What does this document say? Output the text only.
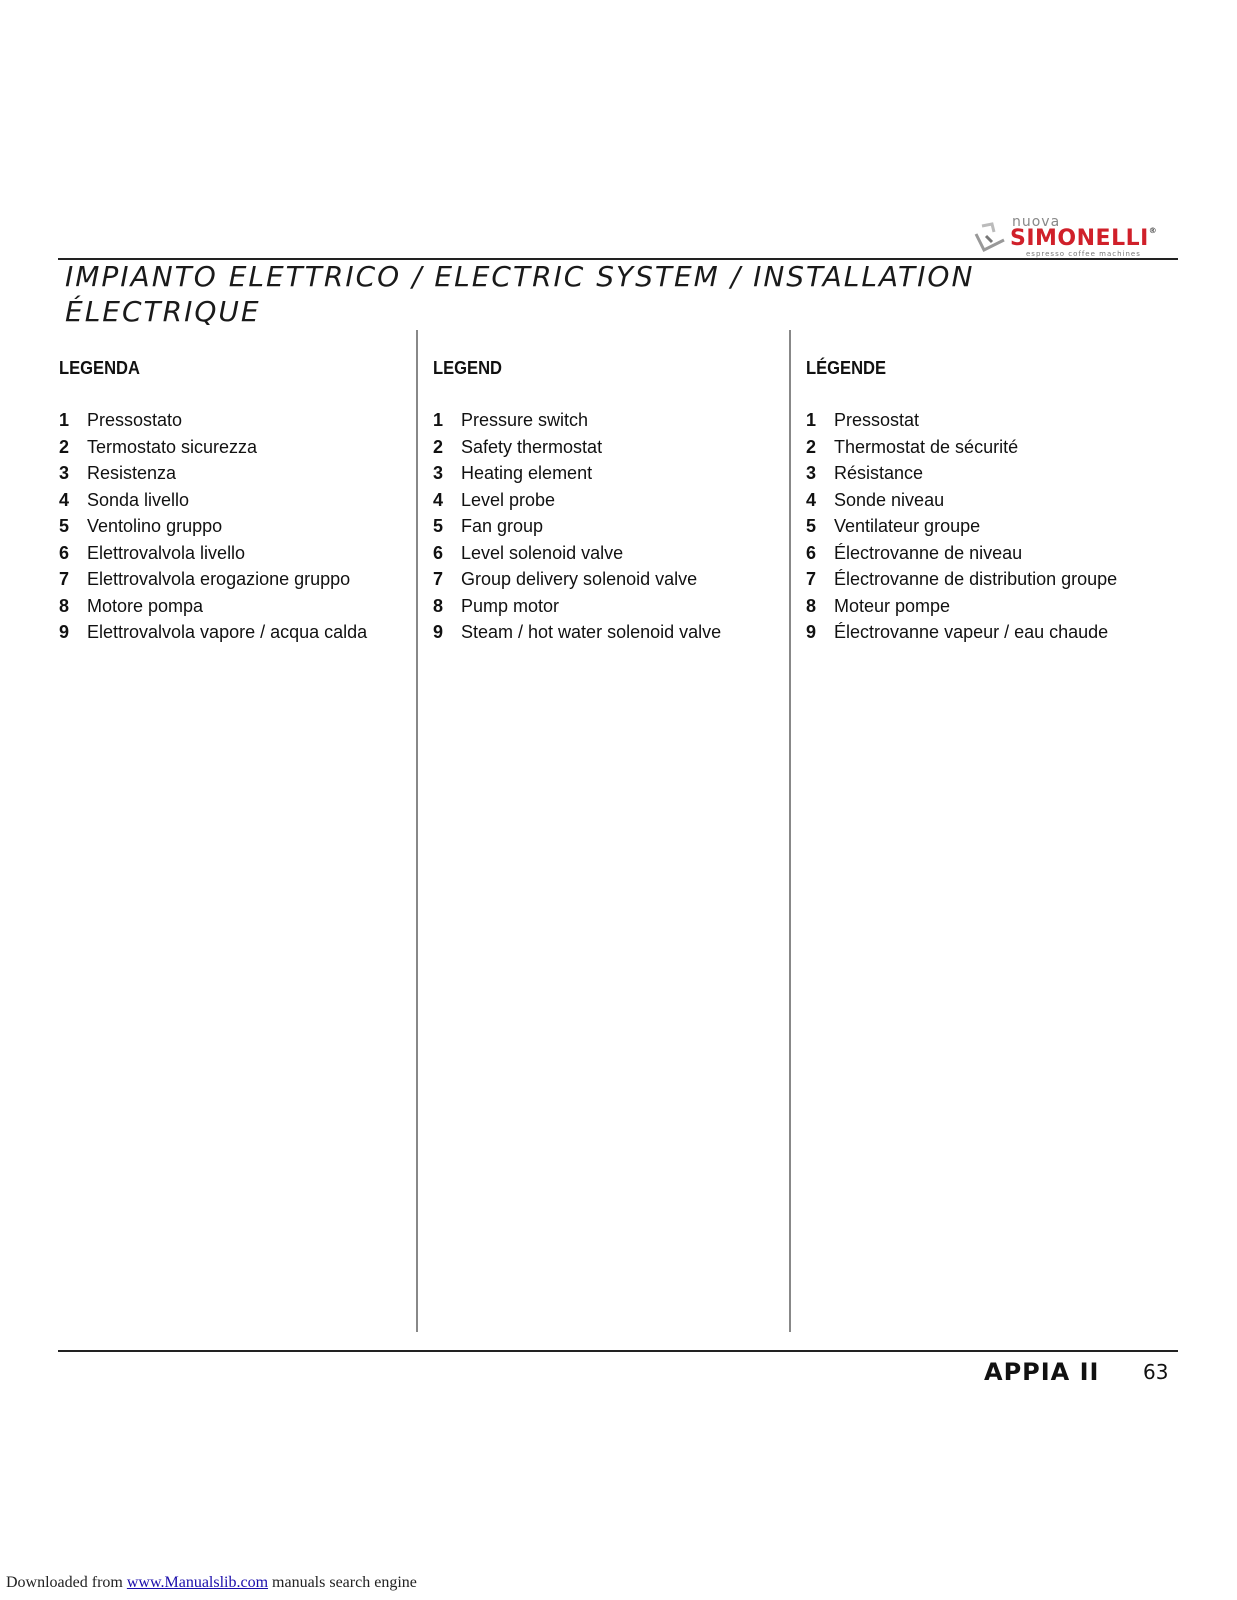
nuova
SIMONELLI®
espresso coffee machines
IMPIANTO ELETTRICO / ELECTRIC SYSTEM / INSTALLATION ÉLECTRIQUE
LEGENDA
1 Pressostato
2 Termostato sicurezza
3 Resistenza
4 Sonda livello
5 Ventolino gruppo
6 Elettrovalvola livello
7 Elettrovalvola erogazione gruppo
8 Motore pompa
9 Elettrovalvola vapore / acqua calda
LEGEND
1 Pressure switch
2 Safety thermostat
3 Heating element
4 Level probe
5 Fan group
6 Level solenoid valve
7 Group delivery solenoid valve
8 Pump motor
9 Steam / hot water solenoid valve
LÉGENDE
1 Pressostat
2 Thermostat de sécurité
3 Résistance
4 Sonde niveau
5 Ventilateur groupe
6 Électrovanne de niveau
7 Électrovanne de distribution groupe
8 Moteur pompe
9 Électrovanne vapeur / eau chaude
APPIA II 63
Downloaded from www.Manualslib.com manuals search engine
